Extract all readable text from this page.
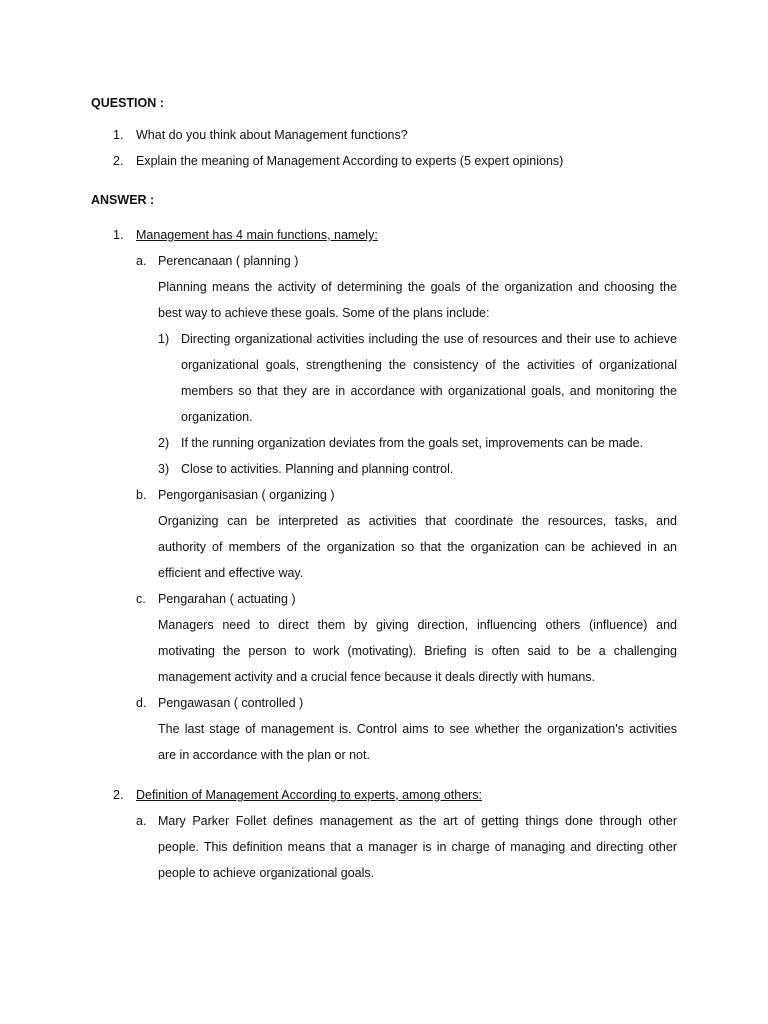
QUESTION :
1. What do you think about Management functions?
2. Explain the meaning of Management According to experts (5 expert opinions)
ANSWER :
1. Management has 4 main functions, namely:
a. Perencanaan ( planning )
Planning means the activity of determining the goals of the organization and choosing the
best way to achieve these goals. Some of the plans include:
1) Directing organizational activities including the use of resources and their use to achieve
organizational goals, strengthening the consistency of the activities of organizational
members so that they are in accordance with organizational goals, and monitoring the
organization.
2) If the running organization deviates from the goals set, improvements can be made.
3) Close to activities. Planning and planning control.
b. Pengorganisasian ( organizing )
Organizing can be interpreted as activities that coordinate the resources, tasks, and
authority of members of the organization so that the organization can be achieved in an
efficient and effective way.
c. Pengarahan ( actuating )
Managers need to direct them by giving direction, influencing others (influence) and
motivating the person to work (motivating). Briefing is often said to be a challenging
management activity and a crucial fence because it deals directly with humans.
d. Pengawasan ( controlled )
The last stage of management is. Control aims to see whether the organization's activities
are in accordance with the plan or not.
2. Definition of Management According to experts, among others:
a. Mary Parker Follet defines management as the art of getting things done through other
people. This definition means that a manager is in charge of managing and directing other
people to achieve organizational goals.
